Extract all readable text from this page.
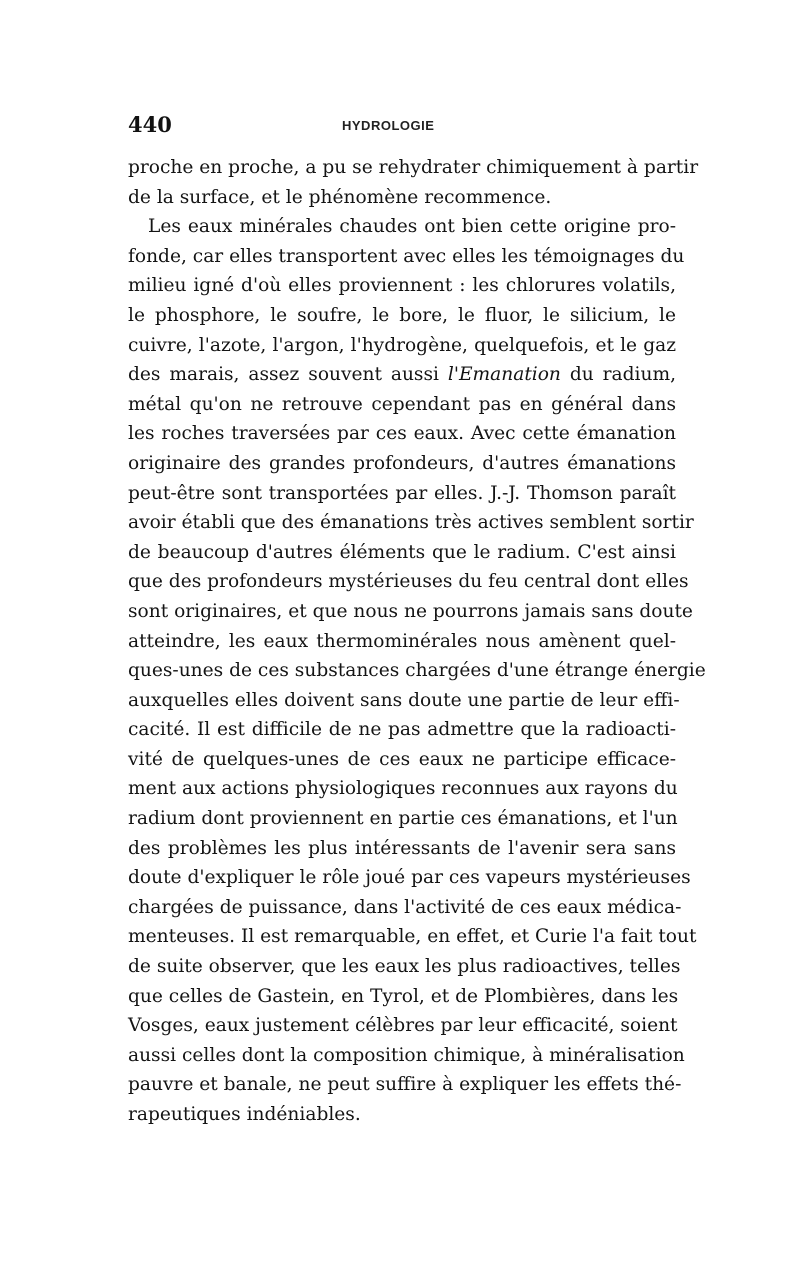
440	HYDROLOGIE
proche en proche, a pu se rehydrater chimiquement à partir
de la surface, et le phénomène recommence.
Les eaux minérales chaudes ont bien cette origine pro-
fonde, car elles transportent avec elles les témoignages du
milieu igné d'où elles proviennent : les chlorures volatils,
le phosphore, le soufre, le bore, le fluor, le silicium, le
cuivre, l'azote, l'argon, l'hydrogène, quelquefois, et le gaz
des marais, assez souvent aussi l'Emanation du radium,
métal qu'on ne retrouve cependant pas en général dans
les roches traversées par ces eaux. Avec cette émanation
originaire des grandes profondeurs, d'autres émanations
peut-être sont transportées par elles. J.-J. Thomson paraît
avoir établi que des émanations très actives semblent sortir
de beaucoup d'autres éléments que le radium. C'est ainsi
que des profondeurs mystérieuses du feu central dont elles
sont originaires, et que nous ne pourrons jamais sans doute
atteindre, les eaux thermominérales nous amènent quel-
ques-unes de ces substances chargées d'une étrange énergie
auxquelles elles doivent sans doute une partie de leur effi-
cacité. Il est difficile de ne pas admettre que la radioacti-
vité de quelques-unes de ces eaux ne participe efficace-
ment aux actions physiologiques reconnues aux rayons du
radium dont proviennent en partie ces émanations, et l'un
des problèmes les plus intéressants de l'avenir sera sans
doute d'expliquer le rôle joué par ces vapeurs mystérieuses
chargées de puissance, dans l'activité de ces eaux médica-
menteuses. Il est remarquable, en effet, et Curie l'a fait tout
de suite observer, que les eaux les plus radioactives, telles
que celles de Gastein, en Tyrol, et de Plombières, dans les
Vosges, eaux justement célèbres par leur efficacité, soient
aussi celles dont la composition chimique, à minéralisation
pauvre et banale, ne peut suffire à expliquer les effets thé-
rapeutiques indéniables.
